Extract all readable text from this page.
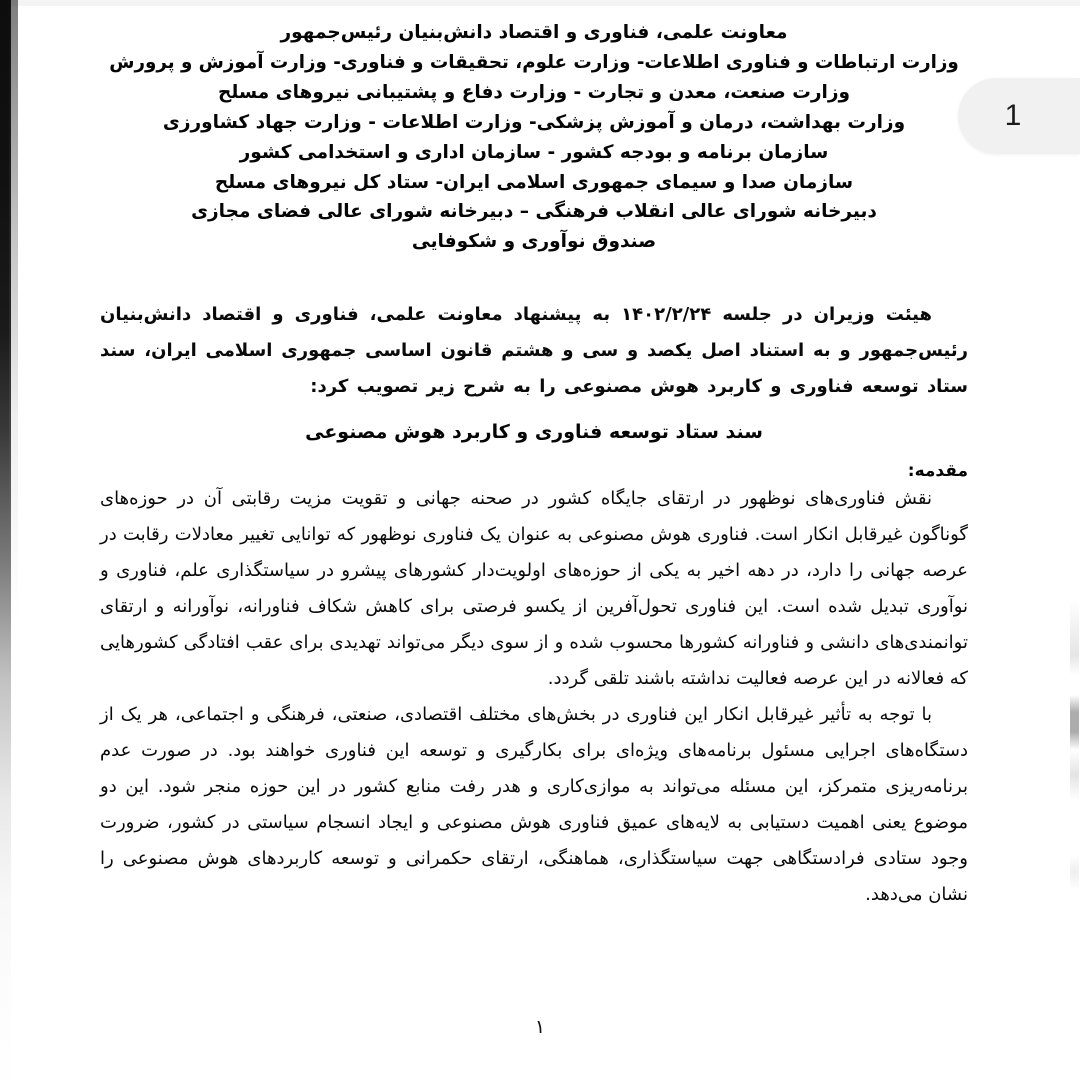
1
معاونت علمی، فناوری و اقتصاد دانش‌بنیان رئیس‌جمهور
وزارت ارتباطات و فناوری اطلاعات- وزارت علوم، تحقیقات و فناوری- وزارت آموزش و پرورش
وزارت صنعت، معدن و تجارت - وزارت دفاع و پشتیبانی نیروهای مسلح
وزارت بهداشت، درمان و آموزش پزشکی- وزارت اطلاعات - وزارت جهاد کشاورزی
سازمان برنامه و بودجه کشور - سازمان اداری و استخدامی کشور
سازمان صدا و سیمای جمهوری اسلامی ایران- ستاد کل نیروهای مسلح
دبیرخانه شورای عالی انقلاب فرهنگی – دبیرخانه شورای عالی فضای مجازی
صندوق نوآوری و شکوفایی

هیئت وزیران در جلسه ۱۴۰۲/۲/۲۴ به پیشنهاد معاونت علمی، فناوری و اقتصاد دانش‌بنیان رئیس‌جمهور و به استناد اصل یکصد و سی و هشتم قانون اساسی جمهوری اسلامی ایران، سند ستاد توسعه فناوری و کاربرد هوش مصنوعی را به شرح زیر تصویب کرد:

سند ستاد توسعه فناوری و کاربرد هوش مصنوعی

مقدمه:

نقش فناوری‌های نوظهور در ارتقای جایگاه کشور در صحنه جهانی و تقویت مزیت رقابتی آن در حوزه‌های گوناگون غیرقابل انکار است. فناوری هوش مصنوعی به عنوان یک فناوری نوظهور که توانایی تغییر معادلات رقابت در عرصه جهانی را دارد، در دهه اخیر به یکی از حوزه‌های اولویت‌دار کشورهای پیشرو در سیاستگذاری علم، فناوری و نوآوری تبدیل شده است. این فناوری تحول‌آفرین از یکسو فرصتی برای کاهش شکاف فناورانه، نوآورانه و ارتقای توانمندی‌های دانشی و فناورانه کشورها محسوب شده و از سوی دیگر می‌تواند تهدیدی برای عقب افتادگی کشورهایی که فعالانه در این عرصه فعالیت نداشته باشند تلقی گردد.

با توجه به تأثیر غیرقابل انکار این فناوری در بخش‌های مختلف اقتصادی، صنعتی، فرهنگی و اجتماعی، هر یک از دستگاه‌های اجرایی مسئول برنامه‌های ویژه‌ای برای بکارگیری و توسعه این فناوری خواهند بود. در صورت عدم برنامه‌ریزی متمرکز، این مسئله می‌تواند به موازی‌کاری و هدر رفت منابع کشور در این حوزه منجر شود. این دو موضوع یعنی اهمیت دستیابی به لایه‌های عمیق فناوری هوش مصنوعی و ایجاد انسجام سیاستی در کشور، ضرورت وجود ستادی فرادستگاهی جهت سیاستگذاری، هماهنگی، ارتقای حکمرانی و توسعه کاربردهای هوش مصنوعی را نشان می‌دهد.

۱
